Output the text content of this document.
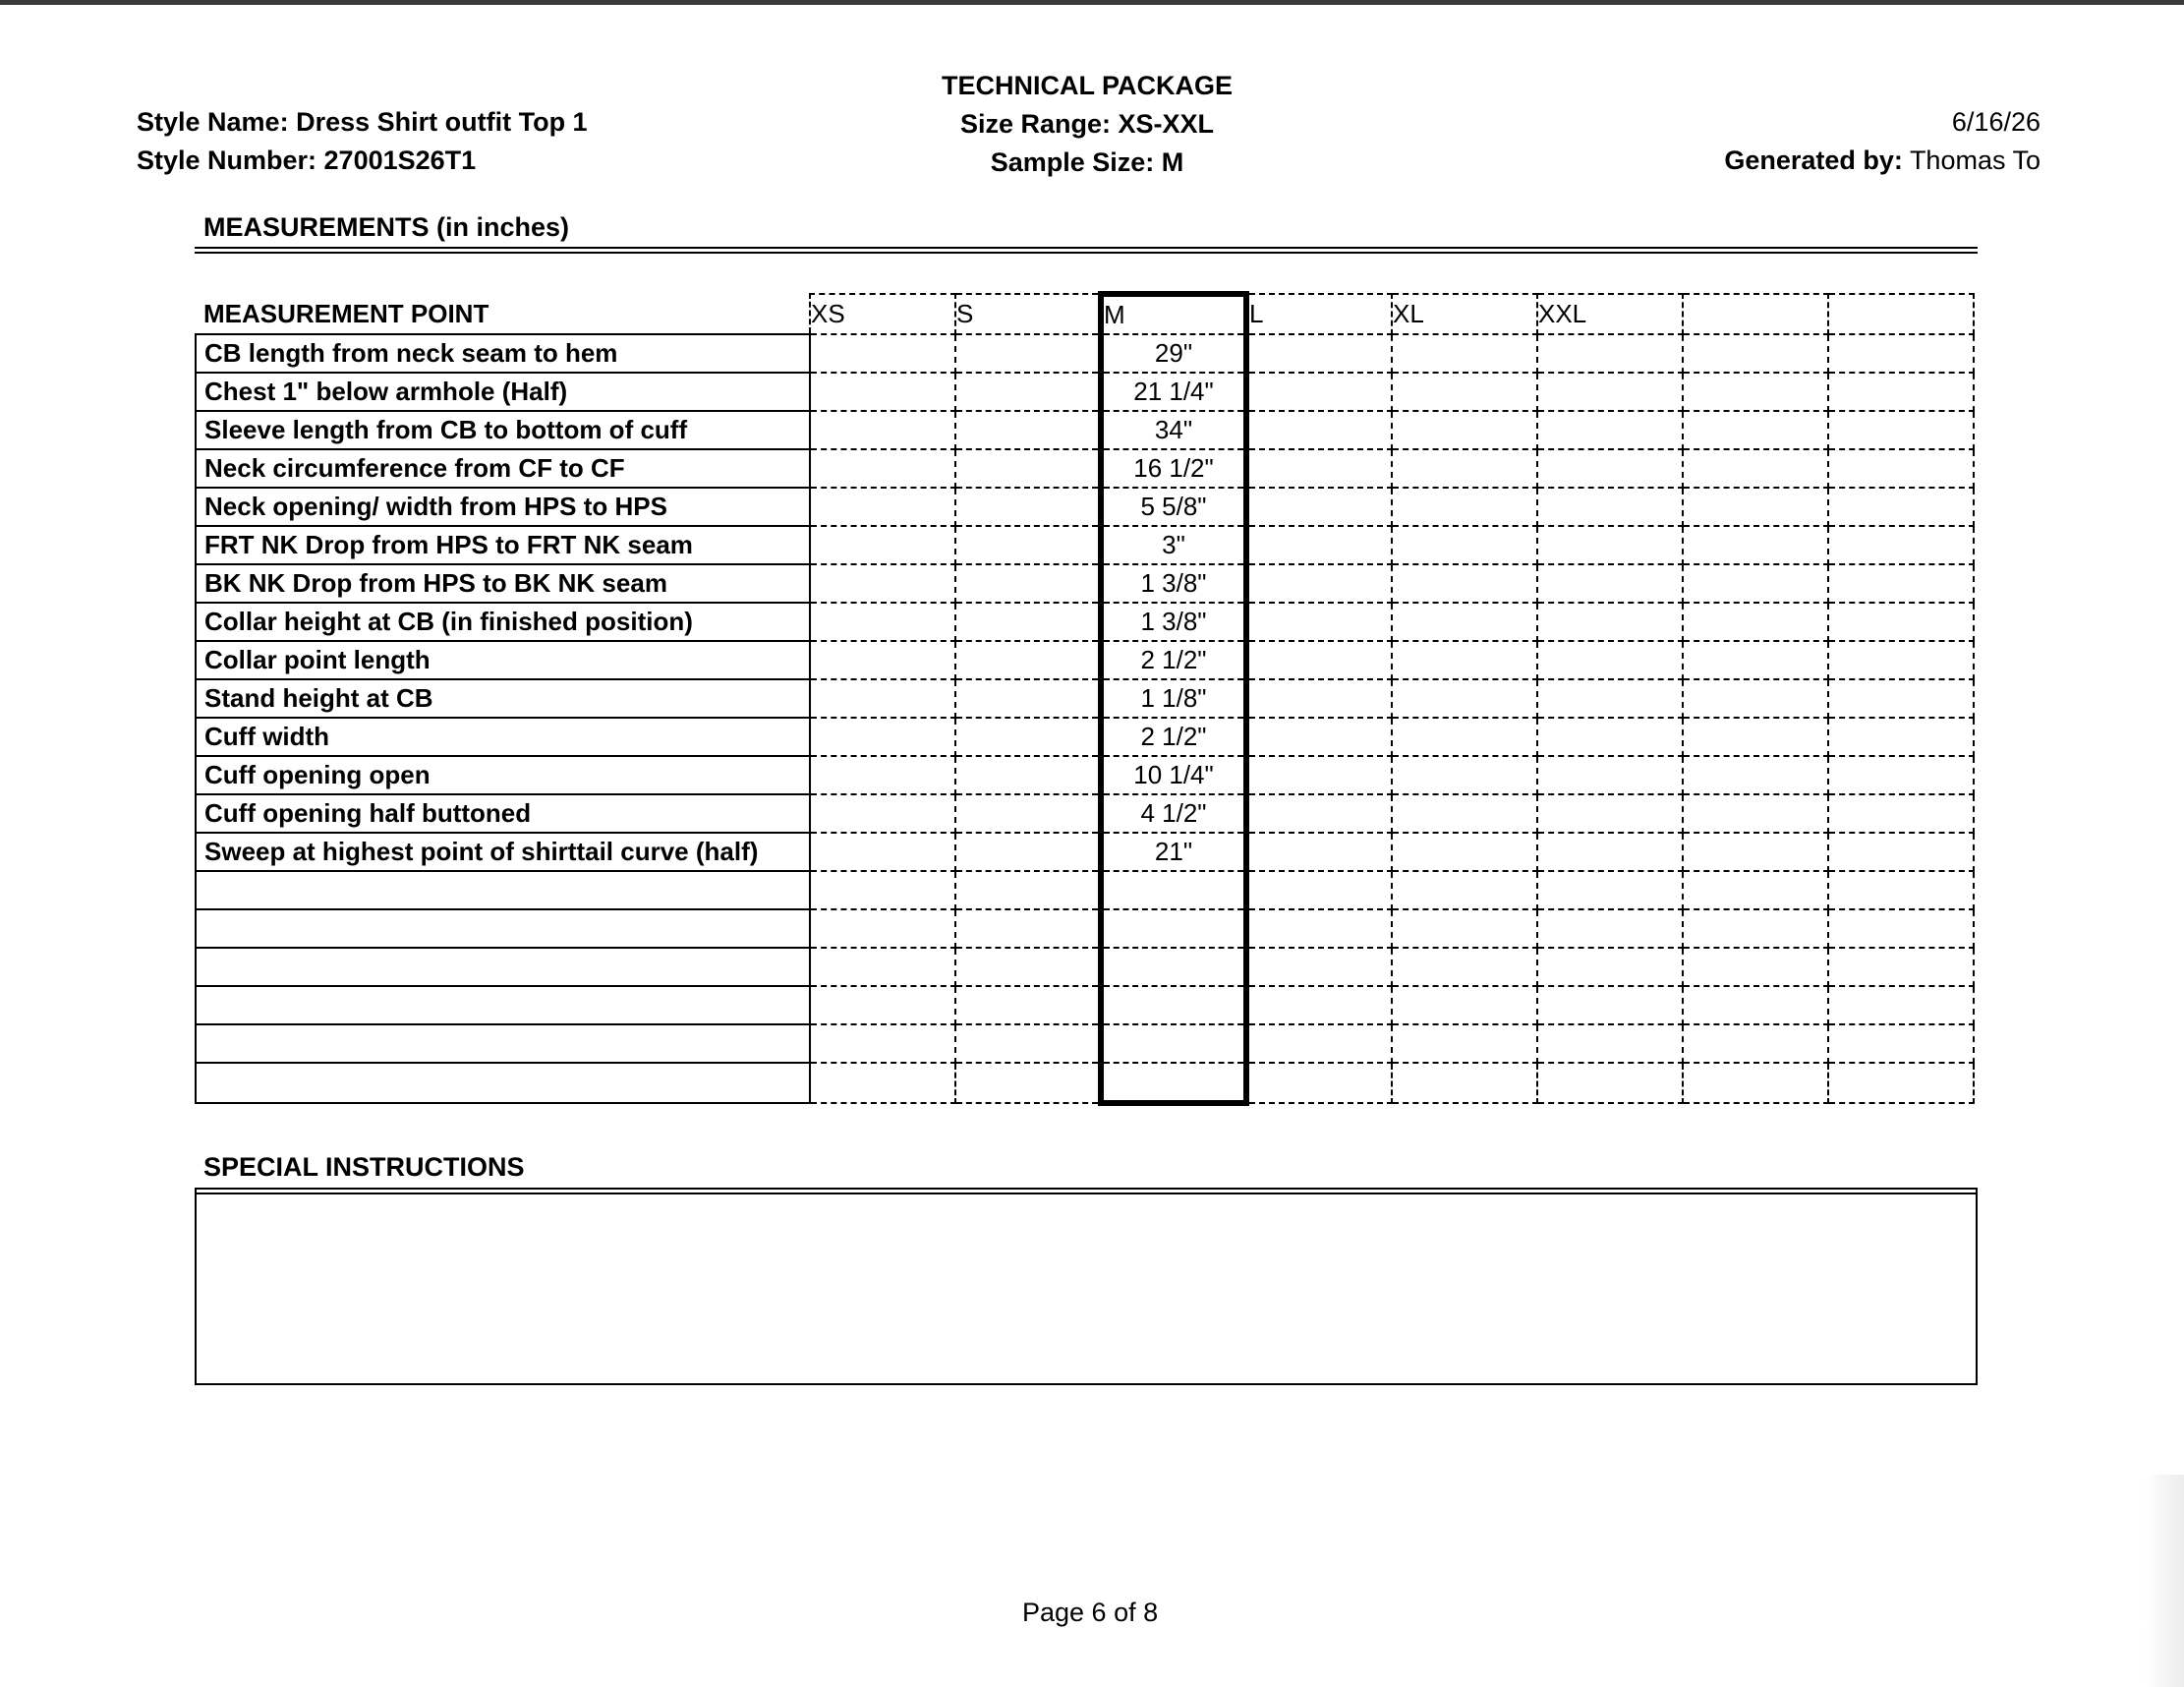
Style Name: Dress Shirt outfit Top 1
Style Number: 27001S26T1
TECHNICAL PACKAGE
Size Range: XS-XXL
Sample Size: M
6/16/26
Generated by: Thomas To
MEASUREMENTS (in inches)
MEASUREMENT POINT	XS	S	M	L	XL	XXL		
CB length from neck seam to hem			29"					
Chest 1" below armhole (Half)			21 1/4"					
Sleeve length from CB to bottom of cuff			34"					
Neck circumference from CF to CF			16 1/2"					
Neck opening/ width from HPS to HPS			5 5/8"					
FRT NK Drop from HPS to FRT NK seam			3"					
BK NK Drop from HPS to BK NK seam			1 3/8"					
Collar height at CB (in finished position)			1 3/8"					
Collar point length			2 1/2"					
Stand height at CB			1 1/8"					
Cuff width			2 1/2"					
Cuff opening open			10 1/4"					
Cuff opening half buttoned			4 1/2"					
Sweep at highest point of shirttail curve (half)			21"					

SPECIAL INSTRUCTIONS
Page 6 of 8
